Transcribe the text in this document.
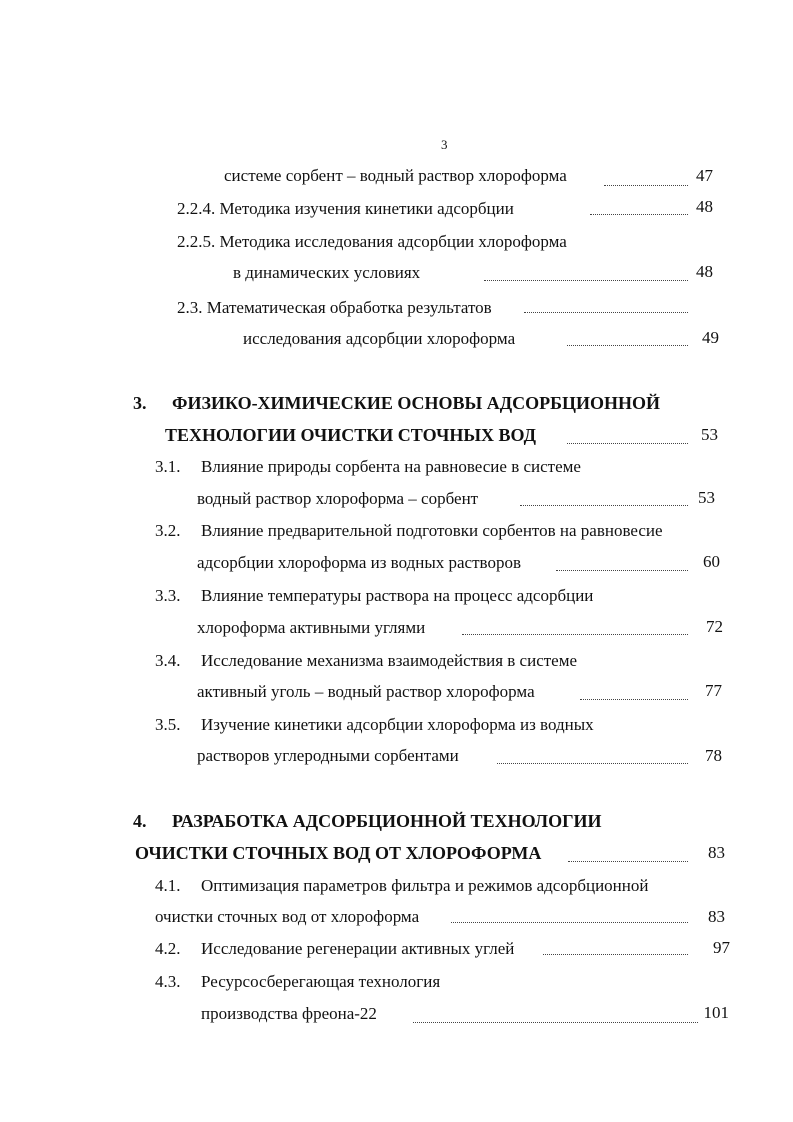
3
системе сорбент – водный раствор хлороформа	47
2.2.4. Методика изучения кинетики адсорбции	48
2.2.5. Методика исследования адсорбции хлороформа
в динамических условиях	48
2.3. Математическая обработка результатов
исследования адсорбции хлороформа	49
3. ФИЗИКО-ХИМИЧЕСКИЕ ОСНОВЫ АДСОРБЦИОННОЙ
ТЕХНОЛОГИИ ОЧИСТКИ СТОЧНЫХ ВОД	53
3.1. Влияние природы сорбента на равновесие в системе
водный раствор хлороформа – сорбент	53
3.2. Влияние предварительной подготовки сорбентов на равновесие
адсорбции хлороформа из водных растворов	60
3.3. Влияние температуры раствора на процесс адсорбции
хлороформа активными углями	72
3.4. Исследование механизма взаимодействия в системе
активный уголь – водный раствор хлороформа	77
3.5. Изучение кинетики адсорбции хлороформа из водных
растворов углеродными сорбентами	78
4. РАЗРАБОТКА АДСОРБЦИОННОЙ ТЕХНОЛОГИИ
ОЧИСТКИ СТОЧНЫХ ВОД ОТ ХЛОРОФОРМА	83
4.1. Оптимизация параметров фильтра и режимов адсорбционной
очистки сточных вод от хлороформа	83
4.2. Исследование регенерации активных углей	97
4.3. Ресурсосберегающая технология
производства фреона-22	101
